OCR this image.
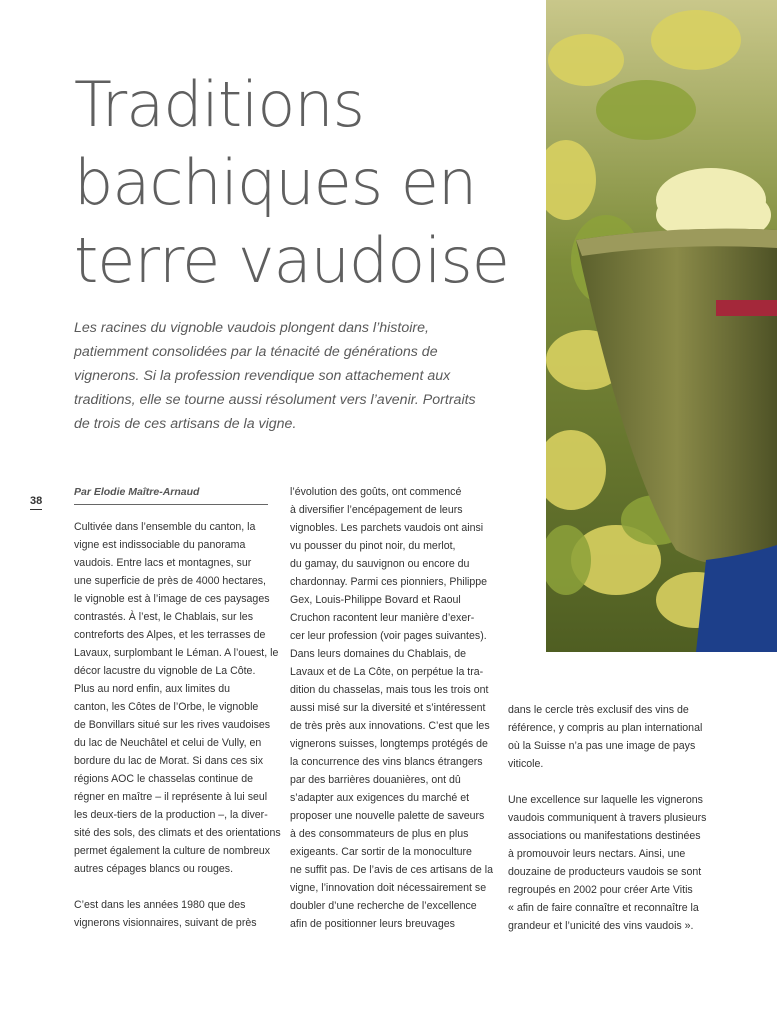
Traditions
bachiques en
terre vaudoise

Les racines du vignoble vaudois plongent dans l’histoire,
patiemment consolidées par la ténacité de générations de
vignerons. Si la profession revendique son attachement aux
traditions, elle se tourne aussi résolument vers l’avenir. Portraits
de trois de ces artisans de la vigne.

38
Par Elodie Maître-Arnaud
Cultivée dans l’ensemble du canton, la
vigne est indissociable du panorama
vaudois. Entre lacs et montagnes, sur
une superficie de près de 4000 hectares,
le vignoble est à l’image de ces paysages
contrastés. À l’est, le Chablais, sur les
contreforts des Alpes, et les terrasses de
Lavaux, surplombant le Léman. A l’ouest, le
décor lacustre du vignoble de La Côte.
Plus au nord enfin, aux limites du
canton, les Côtes de l’Orbe, le vignoble
de Bonvillars situé sur les rives vaudoises
du lac de Neuchâtel et celui de Vully, en
bordure du lac de Morat. Si dans ces six
régions AOC le chasselas continue de
régner en maître – il représente à lui seul
les deux-tiers de la production –, la diver-
sité des sols, des climats et des orientations
permet également la culture de nombreux
autres cépages blancs ou rouges.
C’est dans les années 1980 que des
vignerons visionnaires, suivant de près
l’évolution des goûts, ont commencé
à diversifier l’encépagement de leurs
vignobles. Les parchets vaudois ont ainsi
vu pousser du pinot noir, du merlot,
du gamay, du sauvignon ou encore du
chardonnay. Parmi ces pionniers, Philippe
Gex, Louis-Philippe Bovard et Raoul
Cruchon racontent leur manière d’exer-
cer leur profession (voir pages suivantes).
Dans leurs domaines du Chablais, de
Lavaux et de La Côte, on perpétue la tra-
dition du chasselas, mais tous les trois ont
aussi misé sur la diversité et s’intéressent
de très près aux innovations. C’est que les
vignerons suisses, longtemps protégés de
la concurrence des vins blancs étrangers
par des barrières douanières, ont dû
s’adapter aux exigences du marché et
proposer une nouvelle palette de saveurs
à des consommateurs de plus en plus
exigeants. Car sortir de la monoculture
ne suffit pas. De l’avis de ces artisans de la
vigne, l’innovation doit nécessairement se
doubler d’une recherche de l’excellence
afin de positionner leurs breuvages
dans le cercle très exclusif des vins de
référence, y compris au plan international
où la Suisse n’a pas une image de pays
viticole.
Une excellence sur laquelle les vignerons
vaudois communiquent à travers plusieurs
associations ou manifestations destinées
à promouvoir leurs nectars. Ainsi, une
douzaine de producteurs vaudois se sont
regroupés en 2002 pour créer Arte Vitis
« afin de faire connaître et reconnaître la
grandeur et l’unicité des vins vaudois ».
